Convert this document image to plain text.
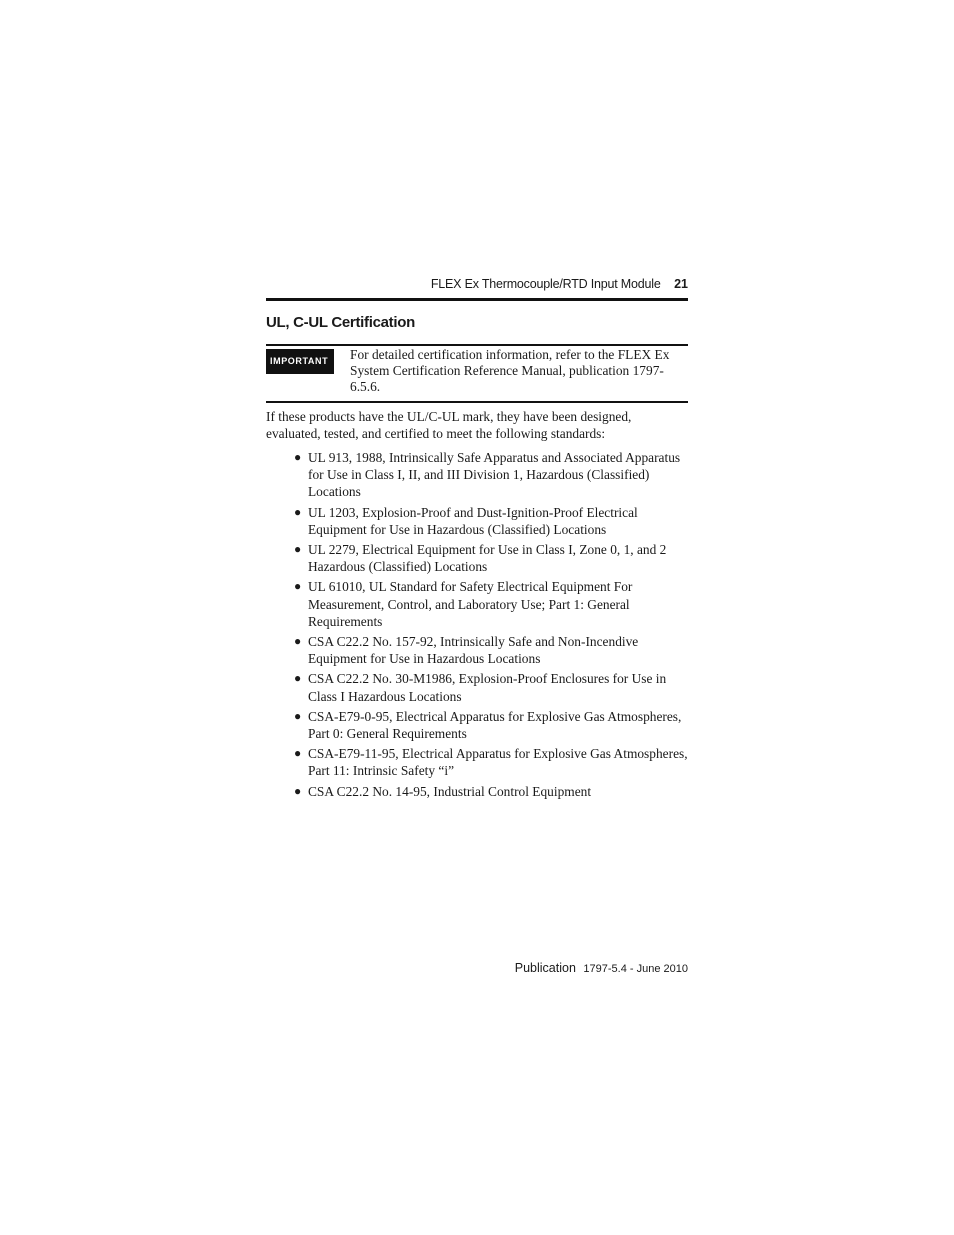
FLEX Ex Thermocouple/RTD Input Module 21
UL, C-UL Certification
IMPORTANT	For detailed certification information, refer to the FLEX Ex System Certification Reference Manual, publication 1797-6.5.6.
If these products have the UL/C-UL mark, they have been designed, evaluated, tested, and certified to meet the following standards:
● UL 913, 1988, Intrinsically Safe Apparatus and Associated Apparatus for Use in Class I, II, and III Division 1, Hazardous (Classified) Locations
● UL 1203, Explosion-Proof and Dust-Ignition-Proof Electrical Equipment for Use in Hazardous (Classified) Locations
● UL 2279, Electrical Equipment for Use in Class I, Zone 0, 1, and 2 Hazardous (Classified) Locations
● UL 61010, UL Standard for Safety Electrical Equipment For Measurement, Control, and Laboratory Use; Part 1: General Requirements
● CSA C22.2 No. 157-92, Intrinsically Safe and Non-Incendive Equipment for Use in Hazardous Locations
● CSA C22.2 No. 30-M1986, Explosion-Proof Enclosures for Use in Class I Hazardous Locations
● CSA-E79-0-95, Electrical Apparatus for Explosive Gas Atmospheres, Part 0: General Requirements
● CSA-E79-11-95, Electrical Apparatus for Explosive Gas Atmospheres, Part 11: Intrinsic Safety “i”
● CSA C22.2 No. 14-95, Industrial Control Equipment
Publication 1797-5.4 - June 2010
